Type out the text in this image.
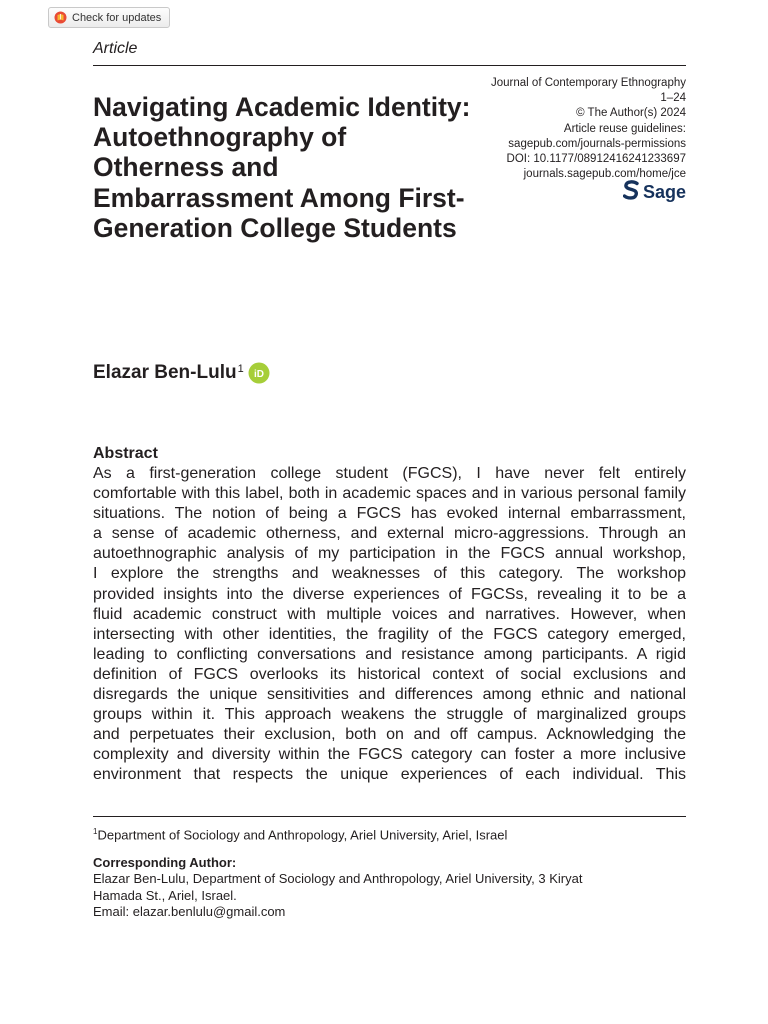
Check for updates
Article
Journal of Contemporary Ethnography
1–24
© The Author(s) 2024
Article reuse guidelines:
sagepub.com/journals-permissions
DOI: 10.1177/08912416241233697
journals.sagepub.com/home/jce
Sage
Navigating Academic Identity: Autoethnography of Otherness and Embarrassment Among First-Generation College Students
Elazar Ben-Lulu 1 iD
Abstract

As a first-generation college student (FGCS), I have never felt entirely
comfortable with this label, both in academic spaces and in various personal family
situations. The notion of being a FGCS has evoked internal embarrassment,
a sense of academic otherness, and external micro-aggressions. Through an
autoethnographic analysis of my participation in the FGCS annual workshop,
I explore the strengths and weaknesses of this category. The workshop
provided insights into the diverse experiences of FGCSs, revealing it to be a
fluid academic construct with multiple voices and narratives. However, when
intersecting with other identities, the fragility of the FGCS category emerged,
leading to conflicting conversations and resistance among participants. A rigid
definition of FGCS overlooks its historical context of social exclusions and
disregards the unique sensitivities and differences among ethnic and national
groups within it. This approach weakens the struggle of marginalized groups
and perpetuates their exclusion, both on and off campus. Acknowledging the
complexity and diversity within the FGCS category can foster a more inclusive
environment that respects the unique experiences of each individual. This

$^1$Department of Sociology and Anthropology, Ariel University, Ariel, Israel
Corresponding Author:
Elazar Ben-Lulu, Department of Sociology and Anthropology, Ariel University, 3 Kiryat
Hamada St., Ariel, Israel.
Email: elazar.benlulu@gmail.com
